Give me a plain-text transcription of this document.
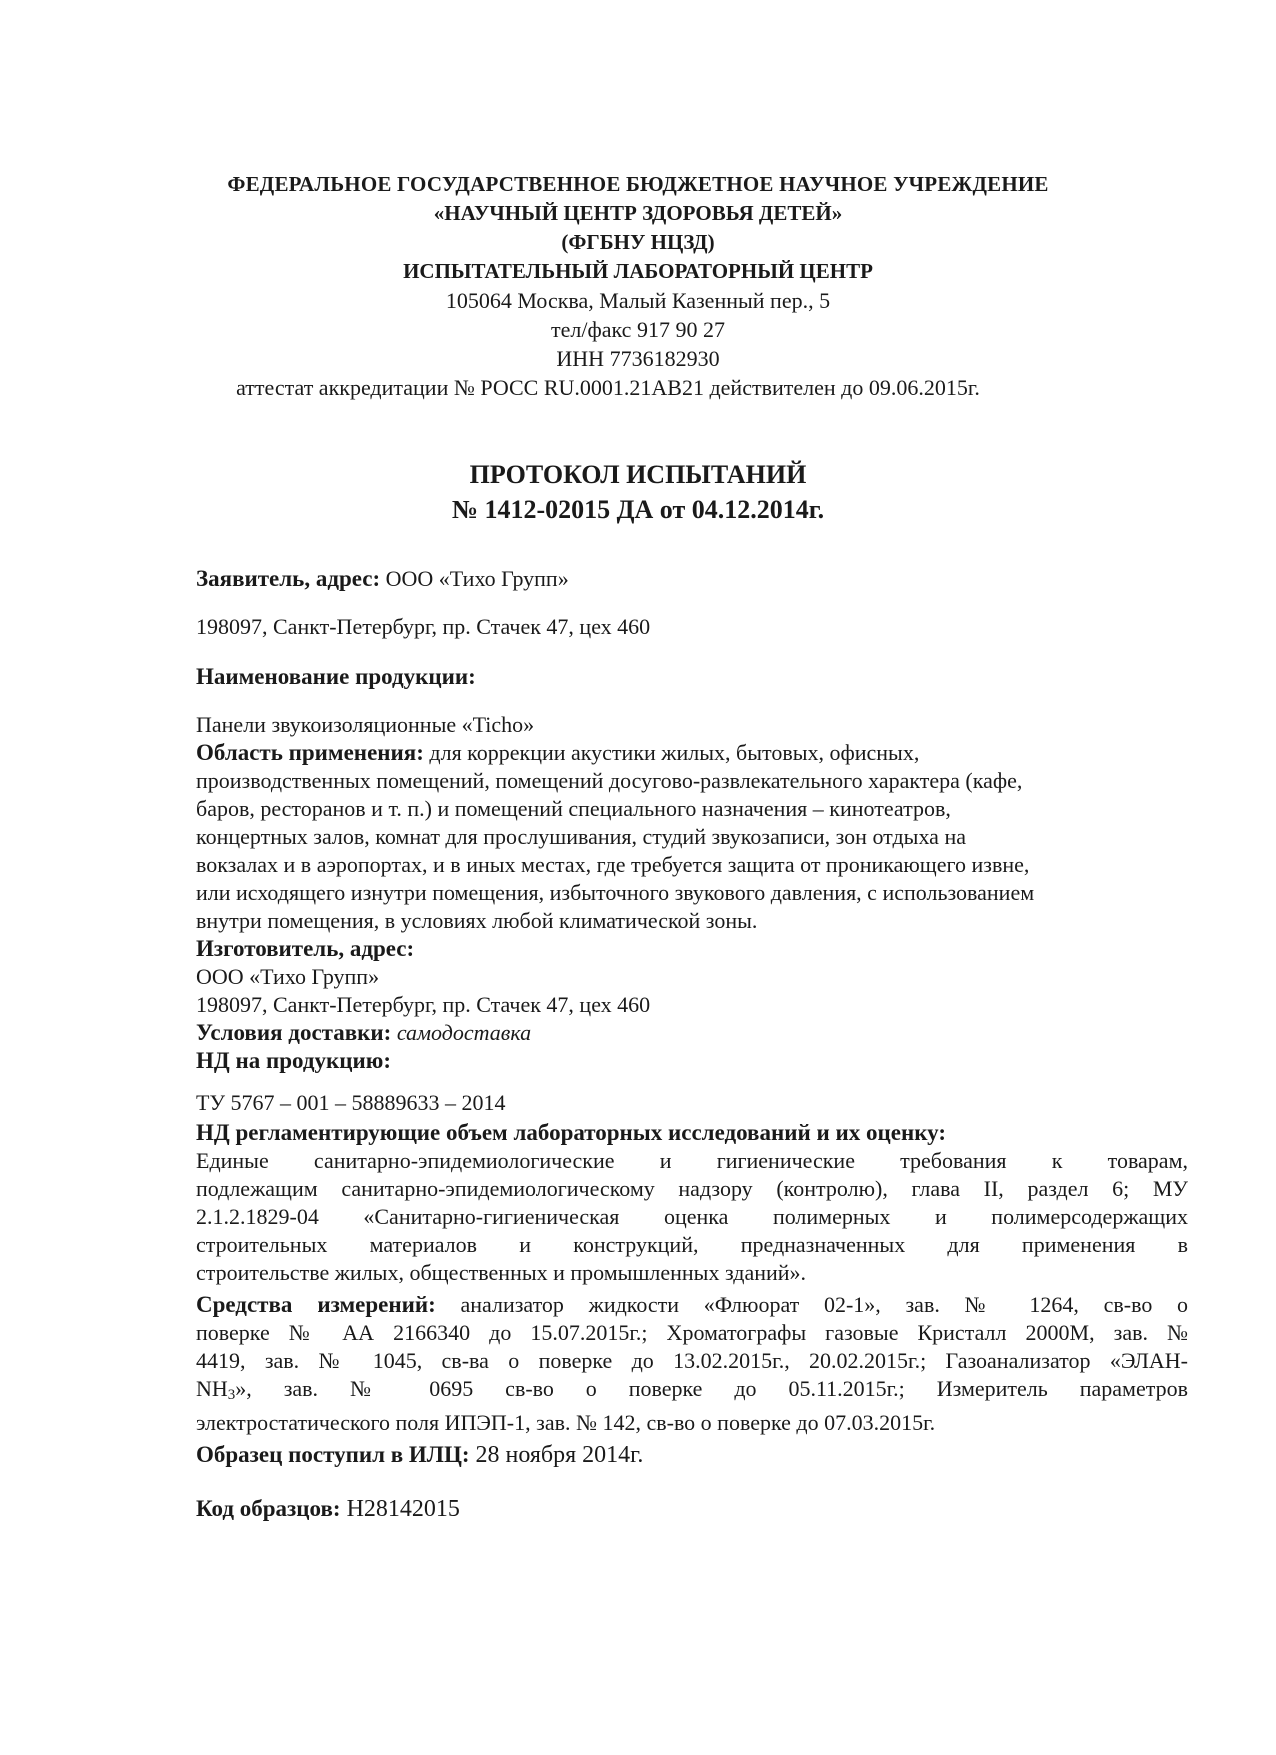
ФЕДЕРАЛЬНОЕ ГОСУДАРСТВЕННОЕ БЮДЖЕТНОЕ НАУЧНОЕ УЧРЕЖДЕНИЕ
«НАУЧНЫЙ ЦЕНТР ЗДОРОВЬЯ ДЕТЕЙ»
(ФГБНУ НЦЗД)
ИСПЫТАТЕЛЬНЫЙ ЛАБОРАТОРНЫЙ ЦЕНТР
105064 Москва, Малый Казенный пер., 5
тел/факс 917 90 27
ИНН 7736182930
аттестат аккредитации № РОСС RU.0001.21АВ21 действителен до 09.06.2015г.
ПРОТОКОЛ ИСПЫТАНИЙ
№ 1412-02015 ДА от 04.12.2014г.
Заявитель, адрес: ООО «Тихо Групп»
198097, Санкт-Петербург, пр. Стачек 47, цех 460
Наименование продукции:
Панели звукоизоляционные «Ticho»
Область применения: для коррекции акустики жилых, бытовых, офисных,
производственных помещений, помещений досугово-развлекательного характера (кафе,
баров, ресторанов и т. п.) и помещений специального назначения – кинотеатров,
концертных залов, комнат для прослушивания, студий звукозаписи, зон отдыха на
вокзалах и в аэропортах, и в иных местах, где требуется защита от проникающего извне,
или исходящего изнутри помещения, избыточного звукового давления, с использованием
внутри помещения, в условиях любой климатической зоны.
Изготовитель, адрес:
ООО «Тихо Групп»
198097, Санкт-Петербург, пр. Стачек 47, цех 460
Условия доставки: самодоставка
НД на продукцию:
ТУ 5767 – 001 – 58889633 – 2014
НД регламентирующие объем лабораторных исследований и их оценку:
Единые санитарно-эпидемиологические и гигиенические требования к товарам,
подлежащим санитарно-эпидемиологическому надзору (контролю), глава II, раздел 6; МУ
2.1.2.1829-04 «Санитарно-гигиеническая оценка полимерных и полимерсодержащих
строительных материалов и конструкций, предназначенных для применения в
строительстве жилых, общественных и промышленных зданий».
Средства измерений: анализатор жидкости «Флюорат 02-1», зав. № 1264, св-во о
поверке № АА 2166340 до 15.07.2015г.; Хроматографы газовые Кристалл 2000М, зав. №
4419, зав. № 1045, св-ва о поверке до 13.02.2015г., 20.02.2015г.; Газоанализатор «ЭЛАН-
$NH_3$», зав. № 0695 св-во о поверке до 05.11.2015г.; Измеритель параметров
электростатического поля ИПЭП-1, зав. № 142, св-во о поверке до 07.03.2015г.
Образец поступил в ИЛЦ: 28 ноября 2014г.
Код образцов: Н28142015
